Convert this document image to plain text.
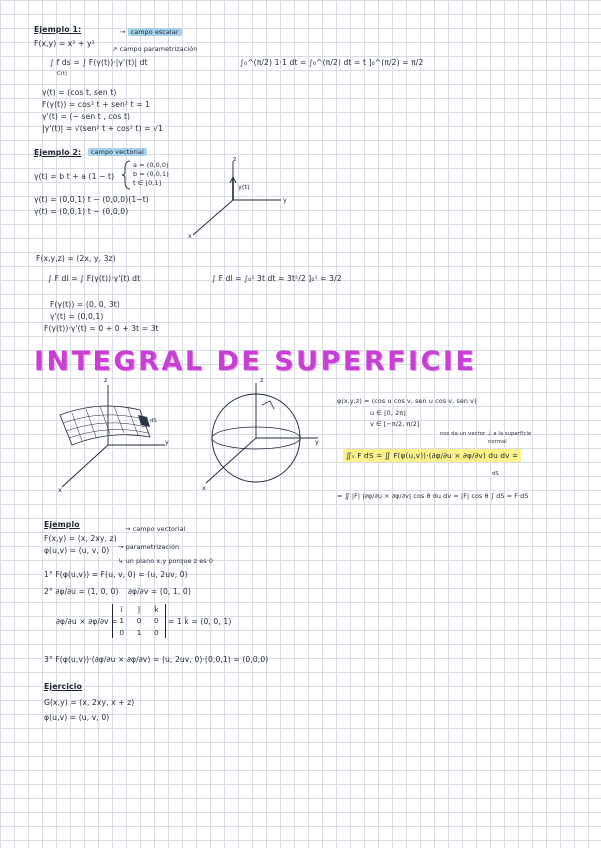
Ejemplo 1:
F(x,y) = x² + y²
→ campo escalar
↗ campo parametrización
∫ f ds = ∫ F(γ(t))·|γ'(t)| dt
C(t)
∫₀^(π/2) 1·1 dt = ∫₀^(π/2) dt = t ]₀^(π/2) = π/2
γ(t) = (cos t, sen t)
F(γ(t)) = cos² t + sen² t = 1
γ'(t) = (− sen t , cos t)
|γ'(t)| = √(sen² t + cos² t) = √1
Ejemplo 2:	campo vectorial
γ(t) = b t + a (1 − t)
a = (0,0,0)
b = (0,0,1)
t ∈ [0,1]
γ(t) = (0,0,1) t − (0,0,0)(1−t)
γ(t) = (0,0,1) t − (0,0,0)
z
y
x
γ(t)
F(x,y,z) = (2x, y, 3z)
∫ F dl = ∫ F(γ(t))·γ'(t) dt	∫ F dl = ∫₀¹ 3t dt = 3t²/2 ]₀¹ = 3/2
F(γ(t)) = (0, 0, 3t)
γ'(t) = (0,0,1)
F(γ(t))·γ'(t) = 0 + 0 + 3t = 3t
INTEGRAL DE SUPERFICIE
z
y
x
dS
z
y
x
φ(x,y,z) = (cos u cos v, sen u cos v, sen v)
u ∈ [0, 2π]
v ∈ [−π/2, π/2]
nos da un vector ⊥ a la superficie
normal
∬ₛ F dS = ∬ F(φ(u,v))·(∂φ/∂u × ∂φ/∂v) du dv =
dS
= ∬ |F| |∂φ/∂u × ∂φ/∂v| cos θ du dv = |F| cos θ ∫ dS = F·dS
Ejemplo
F(x,y) = (x, 2xy, z)
→ campo vectorial
φ(u,v) = (u, v, 0) → parametrización
↳ un plano x,y porque z es 0
1° F(φ(u,v)) = F(u, v, 0) = (u, 2uv, 0)
2° ∂φ/∂u = (1, 0, 0) ∂φ/∂v = (0, 1, 0)
∂φ/∂u × ∂φ/∂v =
î	ĵ	k̂
1	0	0
0	1	0
= 1 k̂ = (0, 0, 1)
3° F(φ(u,v))·(∂φ/∂u × ∂φ/∂v) = (u, 2uv, 0)·(0,0,1) = (0,0,0)
Ejercicio
G(x,y) = (x, 2xy, x + z)
φ(u,v) = (u, v, 0)
